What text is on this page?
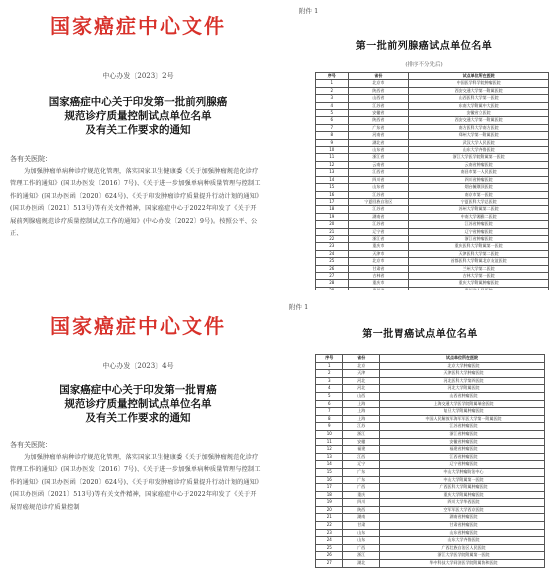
国家癌症中心文件
中心办发〔2023〕2号
国家癌症中心关于印发第一批前列腺癌
规范诊疗质量控制试点单位名单
及有关工作要求的通知
各有关医院：

为加强肿瘤单病种诊疗规范化管理，落实国家卫生健康委《关于加强肿瘤规范化诊疗管理工作的通知》(国卫办医发〔2016〕7号)、《关于进一步加强单病种质量管理与控制工作的通知》(国卫办医函〔2020〕624号)、《关于印发肿瘤诊疗质量提升行动计划的通知》(国卫办医函〔2021〕513号)等有关文件精神，国家癌症中心于2022年印发了《关于开展前列腺癌规范诊疗质量控制试点工作的通知》(中心办发〔2022〕9号)。按照公平、公正、

附件 1
第一批前列腺癌试点单位名单
(排序不分先后)
序号	省份	试点单位所在医院
1	北京市	中国医学科学院肿瘤医院
2	陕西省	西安交通大学第一附属医院
3	山西省	山西医科大学第一医院
4	江苏省	东南大学附属中大医院
5	安徽省	安徽省立医院
6	陕西省	西安交通大学第一附属医院
7	广东省	南方医科大学南方医院
8	河南省	郑州大学第一附属医院
9	湖北省	武汉大学人民医院
10	山东省	山东大学齐鲁医院
11	浙江省	浙江大学医学院附属第一医院
12	云南省	云南省肿瘤医院
13	江西省	南昌市第一人民医院
14	四川省	四川省肿瘤医院
15	山东省	烟台毓璜顶医院
16	江苏省	南京市第一医院
17	宁夏回族自治区	宁夏医科大学总医院
18	江苏省	苏州大学附属第二医院
19	湖南省	中南大学湘雅二医院
20	江苏省	江苏省肿瘤医院
21	辽宁省	辽宁省肿瘤医院
22	浙江省	浙江省肿瘤医院
23	重庆市	重庆医科大学附属第一医院
24	天津市	天津医科大学第二医院
25	北京市	首都医科大学附属北京友谊医院
26	甘肃省	兰州大学第二医院
27	吉林省	吉林大学第一医院
28	重庆市	重庆大学附属肿瘤医院

国家癌症中心文件
中心办发〔2023〕4号
国家癌症中心关于印发第一批胃癌
规范诊疗质量控制试点单位名单
及有关工作要求的通知
各有关医院：

为加强肿瘤单病种诊疗规范化管理，落实国家卫生健康委《关于加强肿瘤规范化诊疗管理工作的通知》(国卫办医发〔2016〕7号)、《关于进一步加强单病种质量管理与控制工作的通知》(国卫办医函〔2020〕624号)、《关于印发肿瘤诊疗质量提升行动计划的通知》(国卫办医函〔2021〕513号)等有关文件精神，国家癌症中心于2022年印发了《关于开展胃癌规范诊疗质量控制

附件 1
第一批胃癌试点单位名单
序号	省份	试点单位所在医院
1	北京	北京大学肿瘤医院
2	天津	天津医科大学肿瘤医院
3	河北	河北医科大学第四医院
4	河北	河北大学附属医院
5	山西	山西省肿瘤医院
6	上海	上海交通大学医学院附属瑞金医院
7	上海	复旦大学附属肿瘤医院
8	上海	中国人民解放军海军军医大学第一附属医院
9	江苏	江苏省肿瘤医院
10	浙江	浙江省肿瘤医院
11	安徽	安徽省肿瘤医院
12	福建	福建省肿瘤医院
13	江西	江西省肿瘤医院
14	辽宁	辽宁省肿瘤医院
15	广东	中山大学肿瘤防治中心
16	广东	中山大学附属第一医院
17	广西	广西医科大学附属肿瘤医院
18	重庆	重庆大学附属肿瘤医院
19	四川	四川大学华西医院
20	陕西	空军军医大学西京医院
21	湖南	湖南省肿瘤医院
22	甘肃	甘肃省肿瘤医院
23	山东	山东省肿瘤医院
24	山东	山东大学齐鲁医院
25	广西	广西壮族自治区人民医院
26	浙江	浙江大学医学院附属第一医院
27	湖北	华中科技大学同济医学院附属协和医院
